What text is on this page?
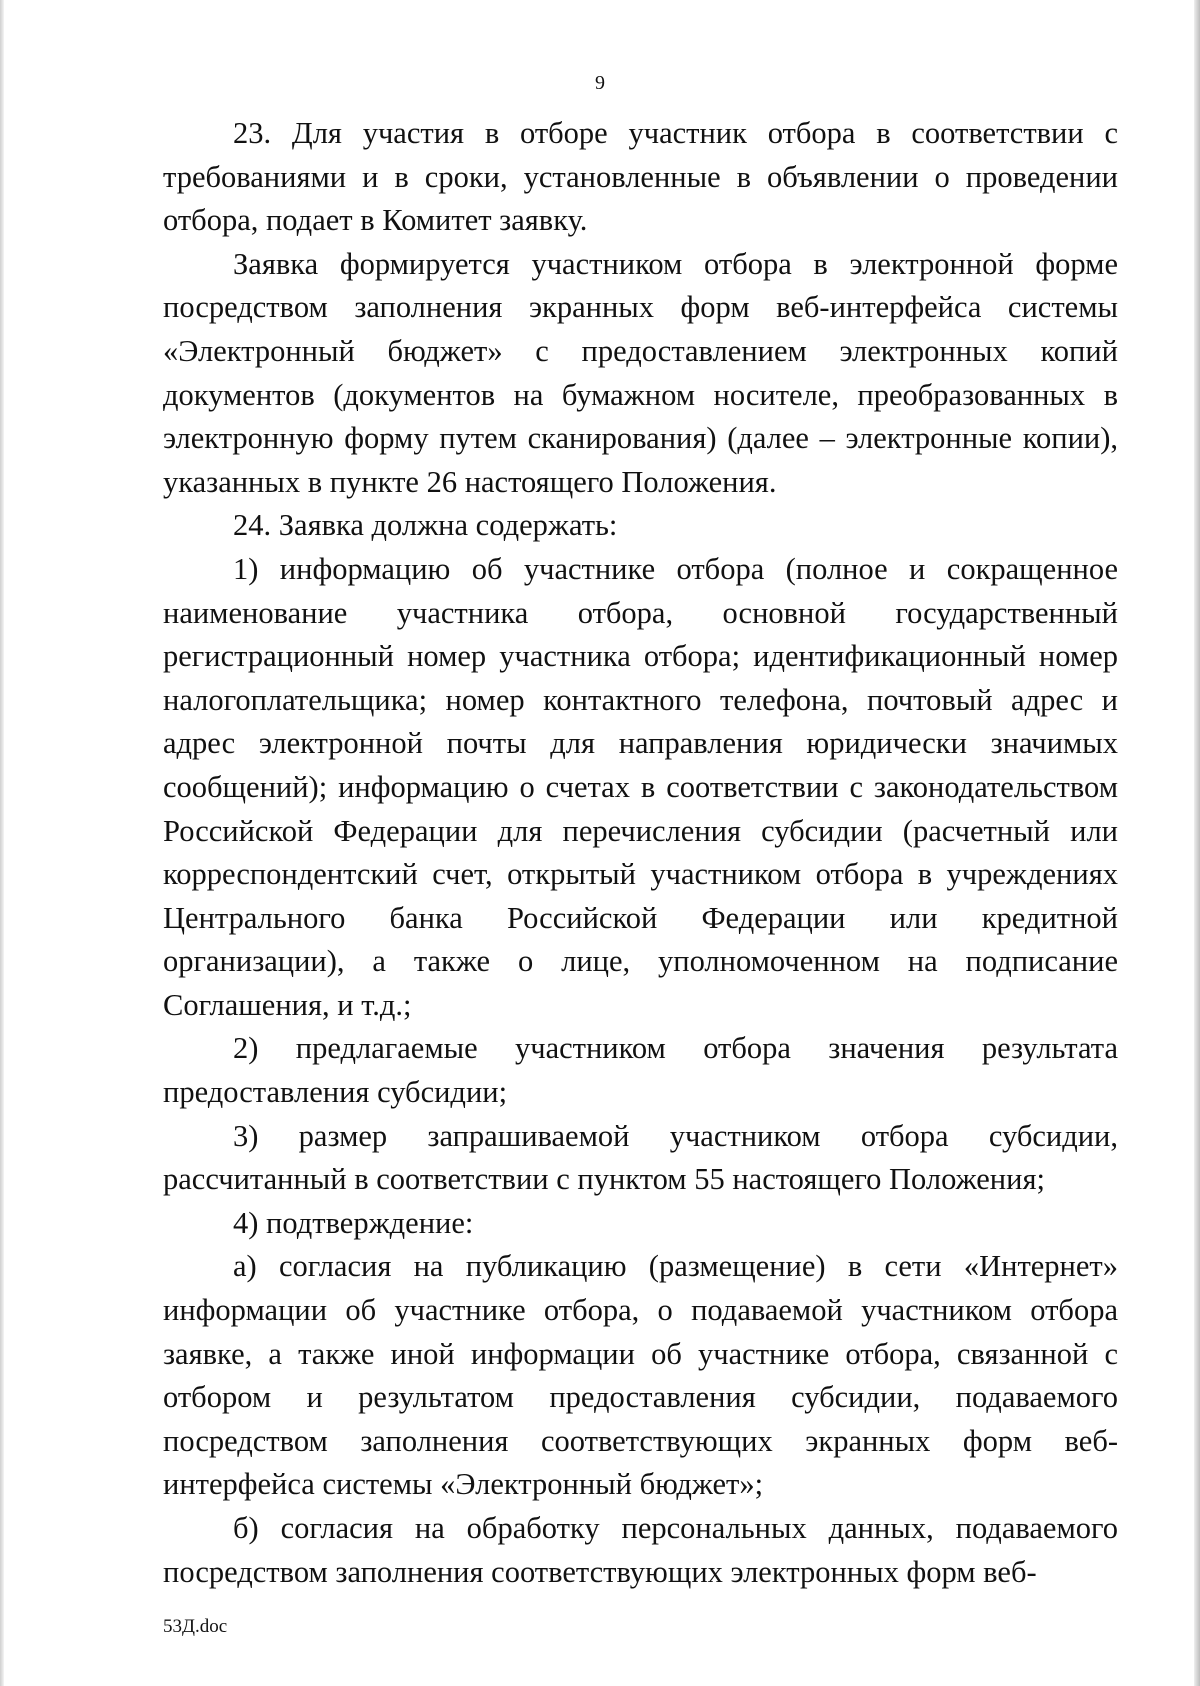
9

23. Для участия в отборе участник отбора в соответствии с требованиями и в сроки, установленные в объявлении о проведении отбора, подает в Комитет заявку.

Заявка формируется участником отбора в электронной форме посредством заполнения экранных форм веб-интерфейса системы «Электронный бюджет» с предоставлением электронных копий документов (документов на бумажном носителе, преобразованных в электронную форму путем сканирования) (далее – электронные копии), указанных в пункте 26 настоящего Положения.

24. Заявка должна содержать:

1) информацию об участнике отбора (полное и сокращенное наименование участника отбора, основной государственный регистрационный номер участника отбора; идентификационный номер налогоплательщика; номер контактного телефона, почтовый адрес и адрес электронной почты для направления юридически значимых сообщений); информацию о счетах в соответствии с законодательством Российской Федерации для перечисления субсидии (расчетный или корреспондентский счет, открытый участником отбора в учреждениях Центрального банка Российской Федерации или кредитной организации), а также о лице, уполномоченном на подписание Соглашения, и т.д.;

2) предлагаемые участником отбора значения результата предоставления субсидии;

3) размер запрашиваемой участником отбора субсидии, рассчитанный в соответствии с пунктом 55 настоящего Положения;

4) подтверждение:

а) согласия на публикацию (размещение) в сети «Интернет» информации об участнике отбора, о подаваемой участником отбора заявке, а также иной информации об участнике отбора, связанной с отбором и результатом предоставления субсидии, подаваемого посредством заполнения соответствующих экранных форм веб-интерфейса системы «Электронный бюджет»;

б) согласия на обработку персональных данных, подаваемого посредством заполнения соответствующих электронных форм веб-

53Д.doc
